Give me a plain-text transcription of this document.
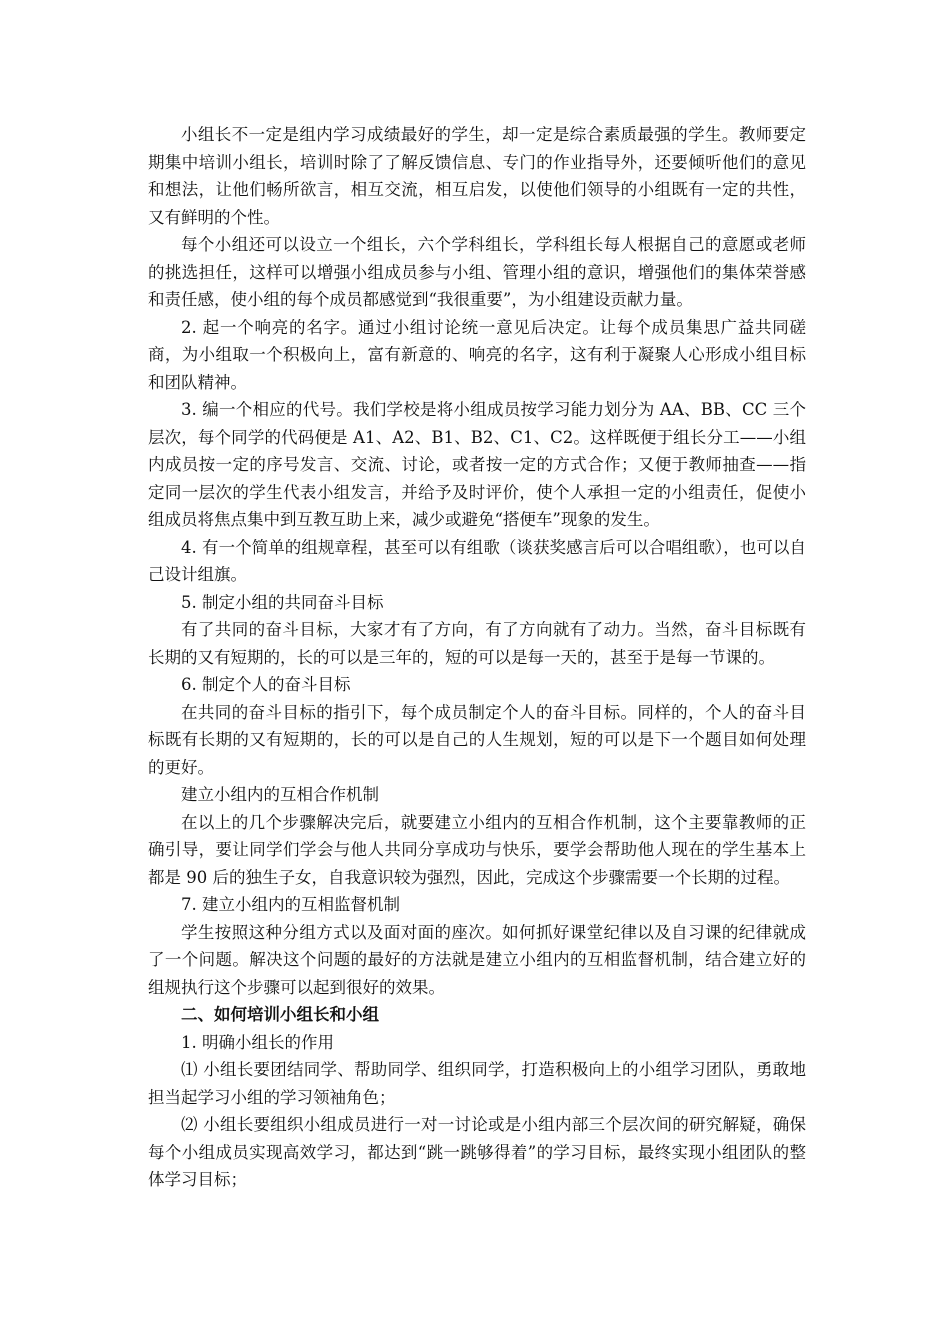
小组长不一定是组内学习成绩最好的学生，却一定是综合素质最强的学生。教师要定期集中培训小组长，培训时除了了解反馈信息、专门的作业指导外，还要倾听他们的意见和想法，让他们畅所欲言，相互交流，相互启发，以使他们领导的小组既有一定的共性，又有鲜明的个性。

每个小组还可以设立一个组长，六个学科组长，学科组长每人根据自己的意愿或老师的挑选担任，这样可以增强小组成员参与小组、管理小组的意识，增强他们的集体荣誉感和责任感，使小组的每个成员都感觉到“我很重要”，为小组建设贡献力量。

2. 起一个响亮的名字。通过小组讨论统一意见后决定。让每个成员集思广益共同磋商，为小组取一个积极向上，富有新意的、响亮的名字，这有利于凝聚人心形成小组目标和团队精神。

3. 编一个相应的代号。我们学校是将小组成员按学习能力划分为 AA、BB、CC 三个层次，每个同学的代码便是 A1、A2、B1、B2、C1、C2。这样既便于组长分工——小组内成员按一定的序号发言、交流、讨论，或者按一定的方式合作；又便于教师抽查——指定同一层次的学生代表小组发言，并给予及时评价，使个人承担一定的小组责任，促使小组成员将焦点集中到互教互助上来，减少或避免“搭便车”现象的发生。

4. 有一个简单的组规章程，甚至可以有组歌（谈获奖感言后可以合唱组歌），也可以自己设计组旗。

5. 制定小组的共同奋斗目标

有了共同的奋斗目标，大家才有了方向，有了方向就有了动力。当然，奋斗目标既有长期的又有短期的，长的可以是三年的，短的可以是每一天的，甚至于是每一节课的。

6. 制定个人的奋斗目标

在共同的奋斗目标的指引下，每个成员制定个人的奋斗目标。同样的，个人的奋斗目标既有长期的又有短期的，长的可以是自己的人生规划，短的可以是下一个题目如何处理的更好。

建立小组内的互相合作机制

在以上的几个步骤解决完后，就要建立小组内的互相合作机制，这个主要靠教师的正确引导，要让同学们学会与他人共同分享成功与快乐，要学会帮助他人现在的学生基本上都是 90 后的独生子女，自我意识较为强烈，因此，完成这个步骤需要一个长期的过程。

7. 建立小组内的互相监督机制

学生按照这种分组方式以及面对面的座次。如何抓好课堂纪律以及自习课的纪律就成了一个问题。解决这个问题的最好的方法就是建立小组内的互相监督机制，结合建立好的组规执行这个步骤可以起到很好的效果。

二、如何培训小组长和小组

1. 明确小组长的作用

⑴ 小组长要团结同学、帮助同学、组织同学，打造积极向上的小组学习团队，勇敢地担当起学习小组的学习领袖角色；

⑵ 小组长要组织小组成员进行一对一讨论或是小组内部三个层次间的研究解疑，确保每个小组成员实现高效学习，都达到“跳一跳够得着”的学习目标，最终实现小组团队的整体学习目标；
